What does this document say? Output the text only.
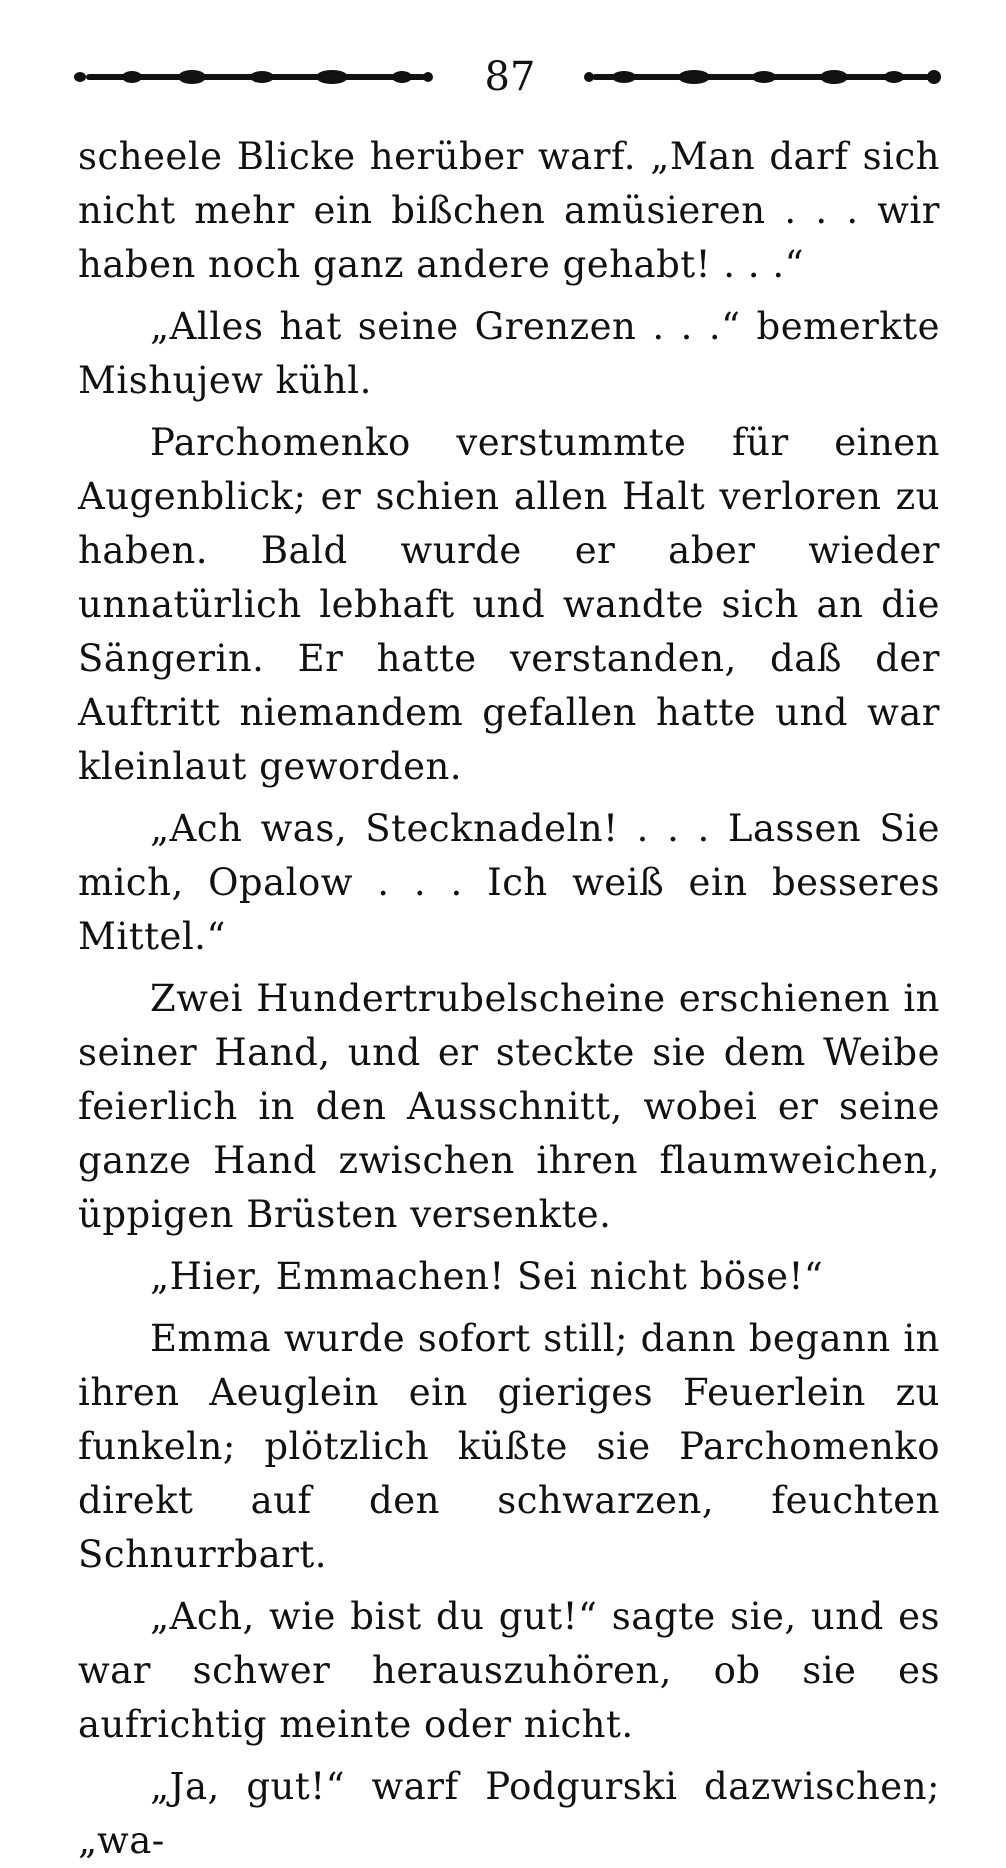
87

scheele Blicke herüber warf. „Man darf sich nicht mehr ein bißchen amüsieren . . . wir haben noch ganz andere gehabt! . . .“

„Alles hat seine Grenzen . . .“ bemerkte Mishujew kühl.

Parchomenko verstummte für einen Augenblick; er schien allen Halt verloren zu haben. Bald wurde er aber wieder unnatürlich lebhaft und wandte sich an die Sängerin. Er hatte verstanden, daß der Auftritt niemandem gefallen hatte und war kleinlaut geworden.

„Ach was, Stecknadeln! . . . Lassen Sie mich, Opalow . . . Ich weiß ein besseres Mittel.“

Zwei Hundertrubelscheine erschienen in seiner Hand, und er steckte sie dem Weibe feierlich in den Ausschnitt, wobei er seine ganze Hand zwischen ihren flaumweichen, üppigen Brüsten versenkte.

„Hier, Emmachen! Sei nicht böse!“

Emma wurde sofort still; dann begann in ihren Aeuglein ein gieriges Feuerlein zu funkeln; plötzlich küßte sie Parchomenko direkt auf den schwarzen, feuchten Schnurrbart.

„Ach, wie bist du gut!“ sagte sie, und es war schwer herauszuhören, ob sie es aufrichtig meinte oder nicht.

„Ja, gut!“ warf Podgurski dazwischen; „wa-
